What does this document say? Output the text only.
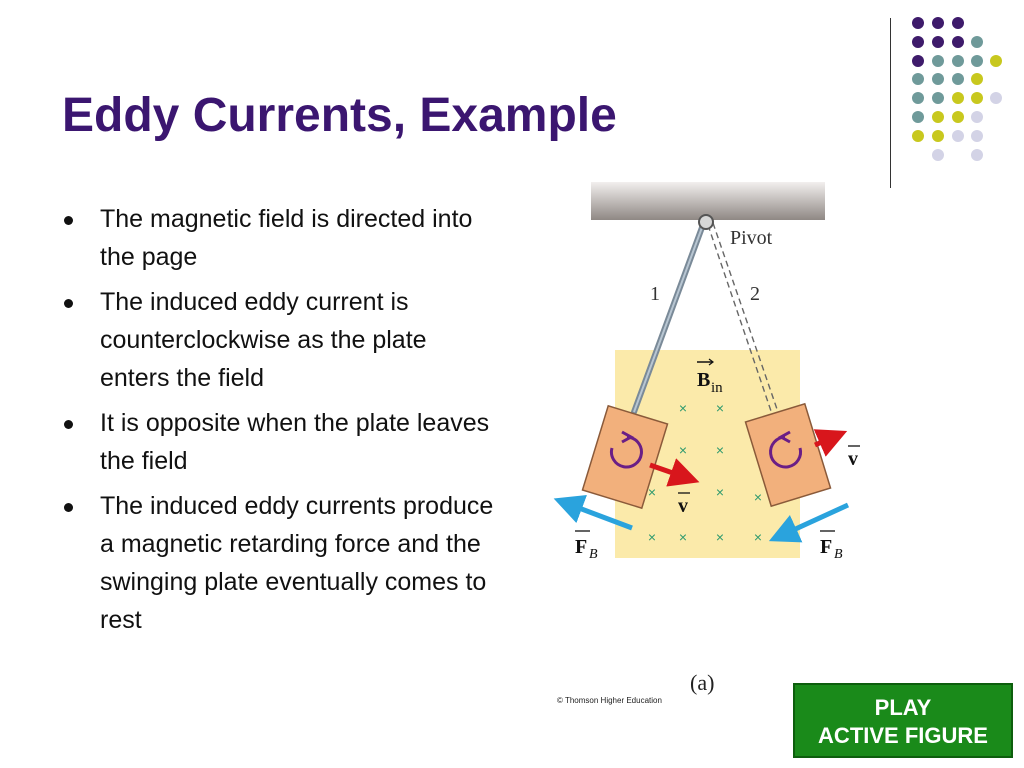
Eddy Currents, Example
The magnetic field is directed into the page
The induced eddy current is counterclockwise as the plate enters the field
It is opposite when the plate leaves the field
The induced eddy currents produce a magnetic retarding force and the swinging plate eventually comes to rest
× ×
× ×
×	× ×
× × × ×
B in
Pivot
1	2
v
v
F B	F B
(a)
© Thomson Higher Education	PLAY
ACTIVE FIGURE
